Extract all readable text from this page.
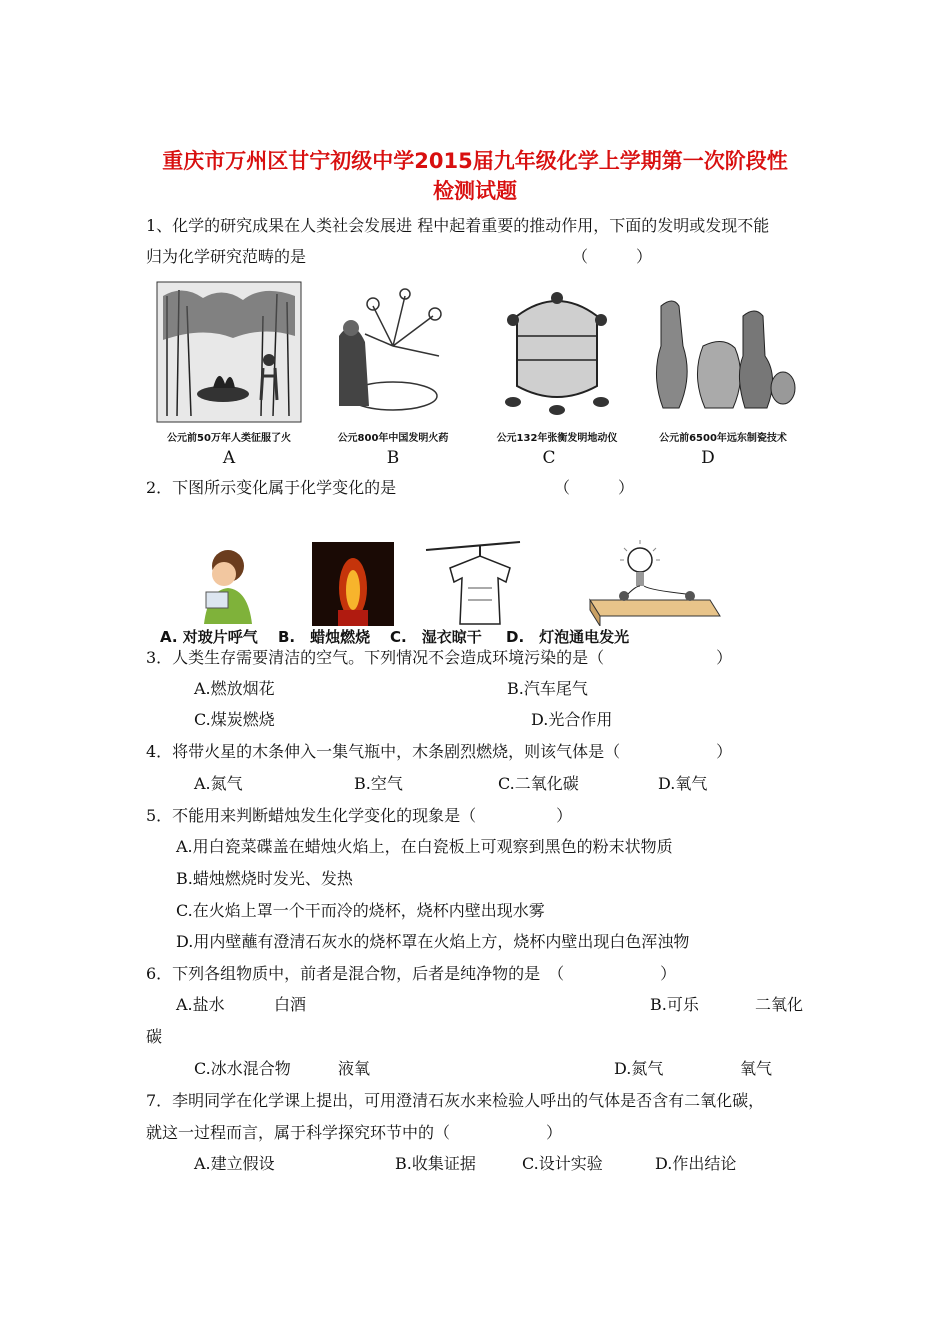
重庆市万州区甘宁初级中学2015届九年级化学上学期第一次阶段性
检测试题
1、化学的研究成果在人类社会发展进 程中起着重要的推动作用，下面的发明或发现不能
归为化学研究范畴的是	（　　　）
公元前50万年人类征服了火	公元800年中国发明火药	公元132年张衡发明地动仪	公元前6500年远东制瓷技术
A	B	C	D
2．下图所示变化属于化学变化的是	（　　　）
A. 对玻片呼气 B.　蜡烛燃烧 C.　湿衣晾干 D.　灯泡通电发光
3．人类生存需要清洁的空气。下列情况不会造成环境污染的是（　　　　　　　）
A.燃放烟花	B.汽车尾气
C.煤炭燃烧	D.光合作用
4．将带火星的木条伸入一集气瓶中，木条剧烈燃烧，则该气体是（　　　　　　）
A.氮气	B.空气	C.二氧化碳	D.氧气
5．不能用来判断蜡烛发生化学变化的现象是（　　　　　）
A.用白瓷菜碟盖在蜡烛火焰上，在白瓷板上可观察到黑色的粉末状物质
B.蜡烛燃烧时发光、发热
C.在火焰上罩一个干而冷的烧杯，烧杯内壁出现水雾
D.用内壁蘸有澄清石灰水的烧杯罩在火焰上方，烧杯内壁出现白色浑浊物
6．下列各组物质中，前者是混合物，后者是纯净物的是　（　　　　　　）
A.盐水	白酒	B.可乐	二氧化
碳
C.冰水混合物	液氧	D.氮气	氧气
7．李明同学在化学课上提出，可用澄清石灰水来检验人呼出的气体是否含有二氧化碳，
就这一过程而言，属于科学探究环节中的（　　　　　　）
A.建立假设	B.收集证据	C.设计实验	D.作出结论
